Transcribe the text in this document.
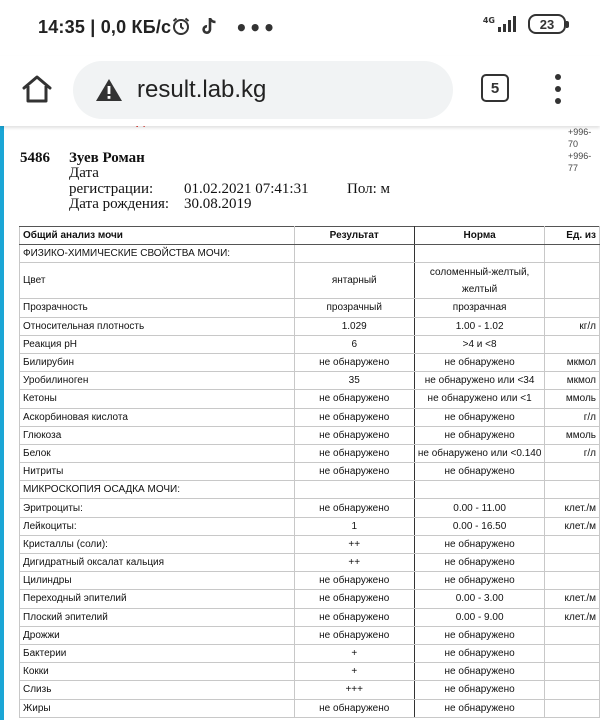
14:35 | 0,0 КБ/с	•••	4G	23
result.lab.kg	5
+996-70
+996-77
5486 Зуев Роман
Дата
регистрации: 01.02.2021 07:41:31	Пол: м
Дата рождения: 30.08.2019
Общий анализ мочи	Результат	Норма	Ед. из
ФИЗИКО-ХИМИЧЕСКИЕ СВОЙСТВА МОЧИ:			
Цвет	янтарный	соломенный-желтый, желтый	

Прозрачность	прозрачный	прозрачная	
Относительная плотность	1.029	1.00 - 1.02	кг/л
Реакция рН	6	>4 и <8	
Билирубин	не обнаружено	не обнаружено	мкмол
Уробилиноген	35	не обнаружено или <34	мкмол
Кетоны	не обнаружено	не обнаружено или <1	ммоль
Аскорбиновая кислота	не обнаружено	не обнаружено	г/л
Глюкоза	не обнаружено	не обнаружено	ммоль
Белок	не обнаружено	не обнаружено или <0.140	г/л
Нитриты	не обнаружено	не обнаружено	
МИКРОСКОПИЯ ОСАДКА МОЧИ:			
Эритроциты:	не обнаружено	0.00 - 11.00	клет./м
Лейкоциты:	1	0.00 - 16.50	клет./м
Кристаллы (соли):	++	не обнаружено	
Дигидратный оксалат кальция	++	не обнаружено	
Цилиндры	не обнаружено	не обнаружено	
Переходный эпителий	не обнаружено	0.00 - 3.00	клет./м
Плоский эпителий	не обнаружено	0.00 - 9.00	клет./м
Дрожжи	не обнаружено	не обнаружено	
Бактерии	+	не обнаружено	
Кокки	+	не обнаружено	
Слизь	+++	не обнаружено	
Жиры	не обнаружено	не обнаружено	
